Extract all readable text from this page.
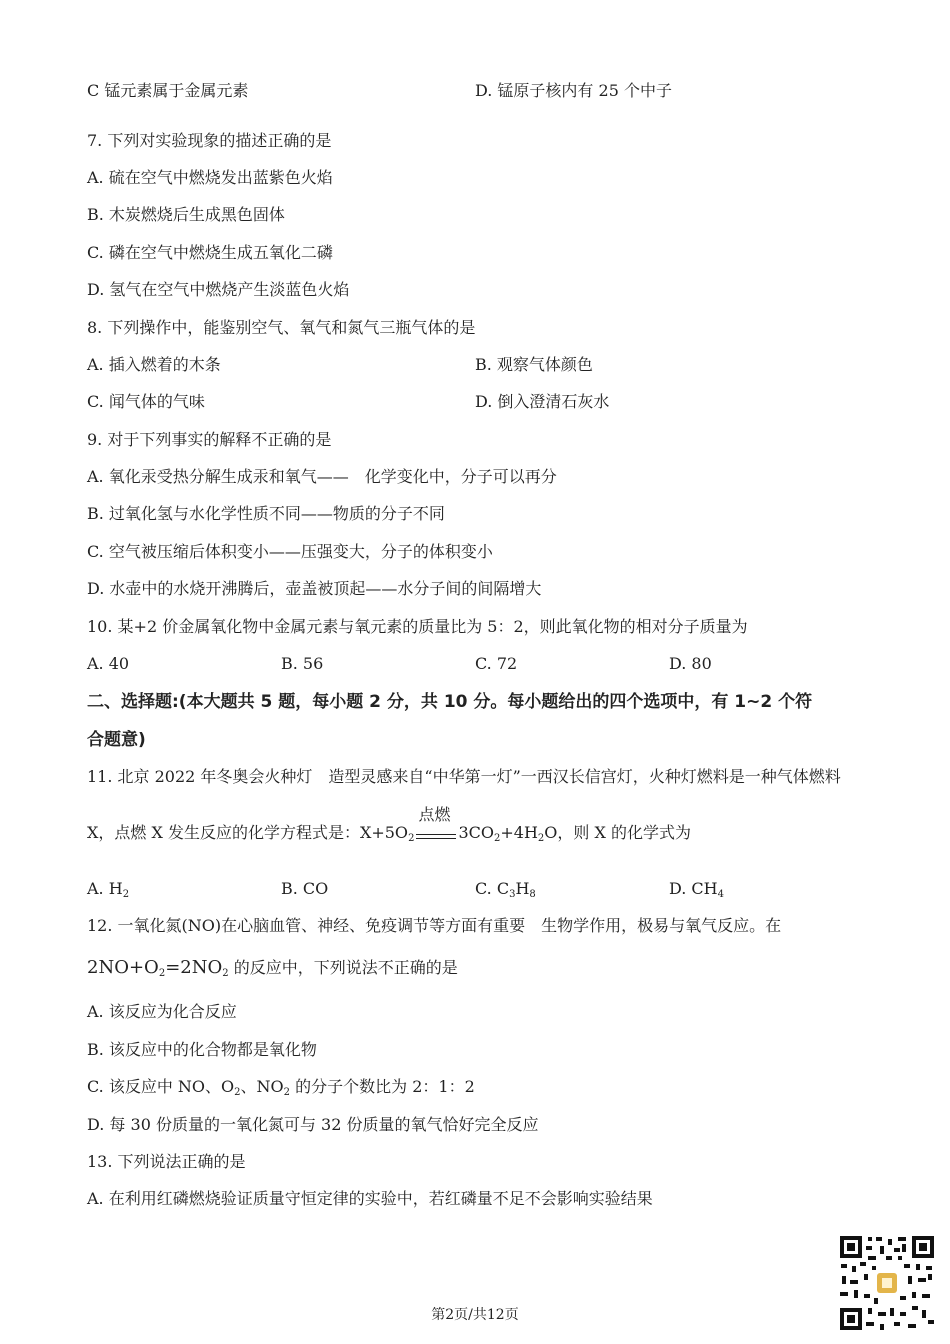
C 锰元素属于金属元素	D. 锰原子核内有 25 个中子
7. 下列对实验现象的描述正确的是
A. 硫在空气中燃烧发出蓝紫色火焰
B. 木炭燃烧后生成黑色固体
C. 磷在空气中燃烧生成五氧化二磷
D. 氢气在空气中燃烧产生淡蓝色火焰
8. 下列操作中，能鉴别空气、氧气和氮气三瓶气体的是
A. 插入燃着的木条	B. 观察气体颜色
C. 闻气体的气味	D. 倒入澄清石灰水
9. 对于下列事实的解释不正确的是
A. 氧化汞受热分解生成汞和氧气——　化学变化中，分子可以再分
B. 过氧化氢与水化学性质不同——物质的分子不同
C. 空气被压缩后体积变小——压强变大，分子的体积变小
D. 水壶中的水烧开沸腾后，壶盖被顶起——水分子间的间隔增大
10. 某+2 价金属氧化物中金属元素与氧元素的质量比为 5：2，则此氧化物的相对分子质量为
A. 40	B. 56	C. 72	D. 80
二、选择题:(本大题共 5 题，每小题 2 分，共 10 分。每小题给出的四个选项中，有 1~2 个符
合题意)
11. 北京 2022 年冬奥会火种灯　造型灵感来自“中华第一灯”一西汉长信宫灯，火种灯燃料是一种气体燃料
X，点燃 X 发生反应的化学方程式是：$X+5O_2$
点燃
$3CO_2+4H_2O$，则 X 的化学式为
A. $H_2$	B. CO	C. $C_3H_8$	D. $CH_4$
12. 一氧化氮(NO)在心脑血管、神经、免疫调节等方面有重要　生物学作用，极易与氧气反应。在
$2NO+O_2=2NO_2$ 的反应中，下列说法不正确的是
A. 该反应为化合反应
B. 该反应中的化合物都是氧化物
C. 该反应中 NO、$O_2$、$NO_2$ 的分子个数比为 2：1：2
D. 每 30 份质量的一氧化氮可与 32 份质量的氧气恰好完全反应
13. 下列说法正确的是
A. 在利用红磷燃烧验证质量守恒定律的实验中，若红磷量不足不会影响实验结果
第2页/共12页
